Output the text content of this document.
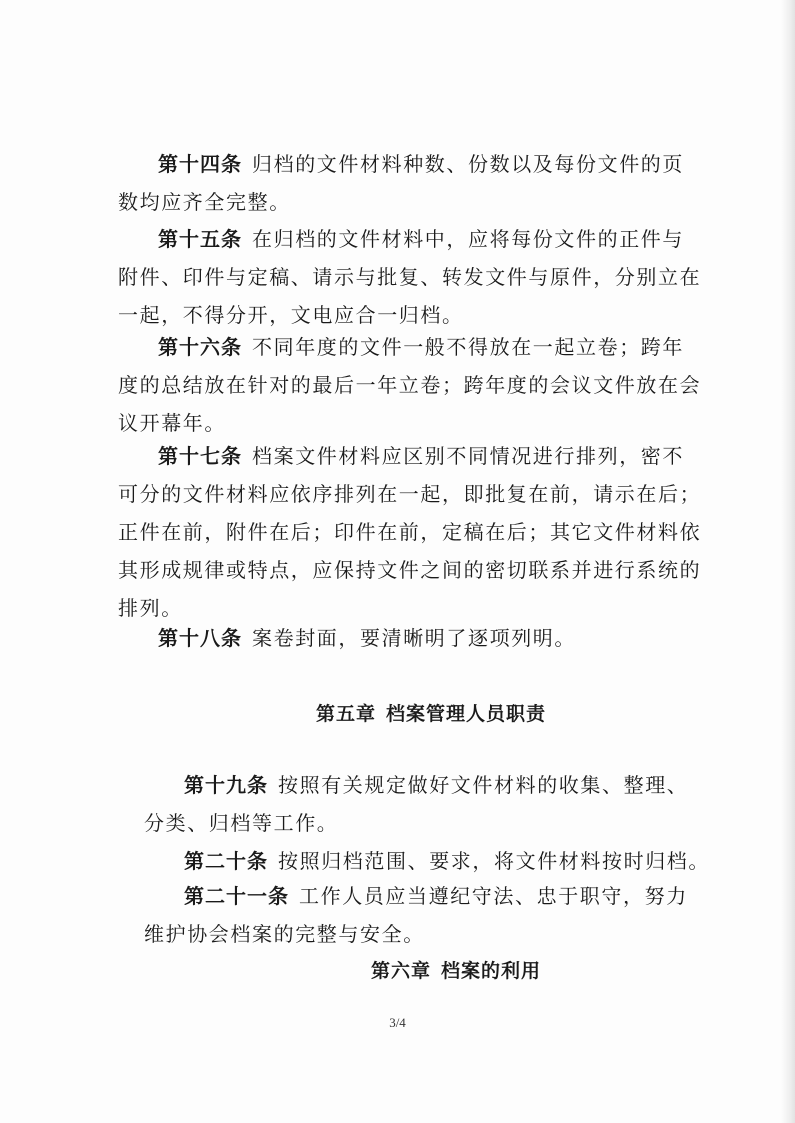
第十四条 归档的文件材料种数、份数以及每份文件的页
数均应齐全完整。
第十五条 在归档的文件材料中，应将每份文件的正件与
附件、印件与定稿、请示与批复、转发文件与原件，分别立在
一起，不得分开，文电应合一归档。
第十六条 不同年度的文件一般不得放在一起立卷；跨年
度的总结放在针对的最后一年立卷；跨年度的会议文件放在会
议开幕年。
第十七条 档案文件材料应区别不同情况进行排列，密不
可分的文件材料应依序排列在一起，即批复在前，请示在后；
正件在前，附件在后；印件在前，定稿在后；其它文件材料依
其形成规律或特点，应保持文件之间的密切联系并进行系统的
排列。
第十八条 案卷封面，要清晰明了逐项列明。
第五章 档案管理人员职责
第十九条 按照有关规定做好文件材料的收集、整理、
分类、归档等工作。
第二十条 按照归档范围、要求，将文件材料按时归档。
第二十一条 工作人员应当遵纪守法、忠于职守，努力
维护协会档案的完整与安全。
第六章 档案的利用
3/4
